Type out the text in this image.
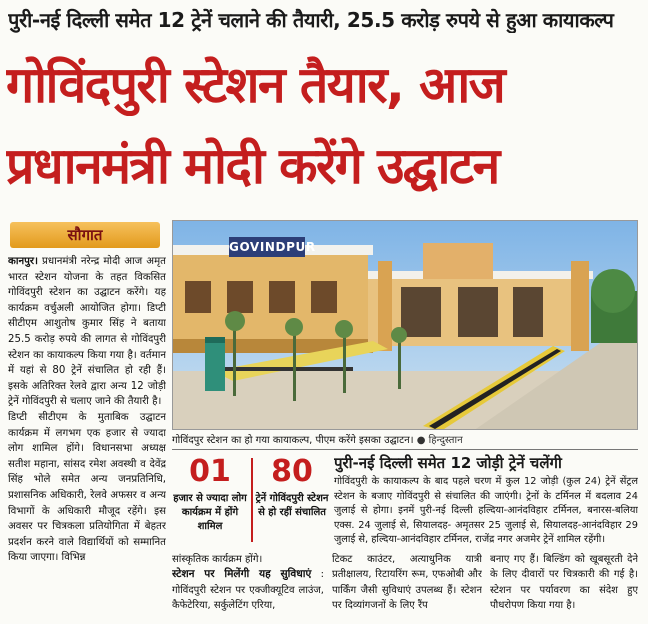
पुरी-नई दिल्ली समेत 12 ट्रेनें चलाने की तैयारी, 25.5 करोड़ रुपये से हुआ कायाकल्प
गोविंदपुरी स्टेशन तैयार, आज
प्रधानमंत्री मोदी करेंगे उद्घाटन
सौगात

कानपुर। प्रधानमंत्री नरेन्द्र मोदी आज अमृत भारत स्टेशन योजना के तहत विकसित गोविंदपुरी स्टेशन का उद्घाटन करेंगे। यह कार्यक्रम वर्चुअली आयोजित होगा। डिप्टी सीटीएम आशुतोष कुमार सिंह ने बताया 25.5 करोड़ रुपये की लागत से गोविंदपुरी स्टेशन का कायाकल्प किया गया है। वर्तमान में यहां से 80 ट्रेनें संचालित हो रही हैं। इसके अतिरिक्त रेलवे द्वारा अन्य 12 जोड़ी ट्रेनें गोविंदपुरी से चलाए जाने की तैयारी है।

डिप्टी सीटीएम के मुताबिक उद्घाटन कार्यक्रम में लगभग एक हजार से ज्यादा लोग शामिल होंगे। विधानसभा अध्यक्ष सतीश महाना, सांसद रमेश अवस्थी व देवेंद्र सिंह भोले समेत अन्य जनप्रतिनिधि, प्रशासनिक अधिकारी, रेलवे अफसर व अन्य विभागों के अधिकारी मौजूद रहेंगे। इस अवसर पर चित्रकला प्रतियोगिता में बेहतर प्रदर्शन करने वाले विद्यार्थियों को सम्मानित किया जाएगा। विभिन्न

GOVINDPUR
गोविंदपुर स्टेशन का हो गया कायाकल्प, पीएम करेंगे इसका उद्घाटन। ● हिन्दुस्तान
01
हजार से ज्यादा लोग कार्यक्रम में होंगे शामिल
80
ट्रेनें गोविंदपुरी स्टेशन से हो रहीं संचालित
पुरी-नई दिल्ली समेत 12 जोड़ी ट्रेनें चलेंगी

गोविंदपुरी के कायाकल्प के बाद पहले चरण में कुल 12 जोड़ी (कुल 24) ट्रेनें सेंट्रल स्टेशन के बजाए गोविंदपुरी से संचालित की जाएंगी। ट्रेनों के टर्मिनल में बदलाव 24 जुलाई से होगा। इनमें पुरी-नई दिल्ली हल्दिया-आनंदविहार टर्मिनल, बनारस-बलिया एक्स. 24 जुलाई से, सियालदह- अमृतसर 25 जुलाई से, सियालदह-आनंदविहार 29 जुलाई से, हल्दिया-आनंदविहार टर्मिनल, राजेंद्र नगर अजमेर ट्रेनें शामिल रहेंगी।

सांस्कृतिक कार्यक्रम होंगे।
स्टेशन पर मिलेंगी यह सुविधाएं : गोविंदपुरी स्टेशन पर एक्जीक्यूटिव लाउंज, कैफेटेरिया, सर्कुलेटिंग एरिया,
टिकट काउंटर, अत्याधुनिक यात्री प्रतीक्षालय, रिटायरिंग रूम, एफओबी और पार्किंग जैसी सुविधाएं उपलब्ध हैं। स्टेशन पर दिव्यांगजनों के लिए रैंप
बनाए गए हैं। बिल्डिंग को खूबसूरती देने के लिए दीवारों पर चित्रकारी की गई है। स्टेशन पर पर्यावरण का संदेश हुए पौधरोपण किया गया है।
